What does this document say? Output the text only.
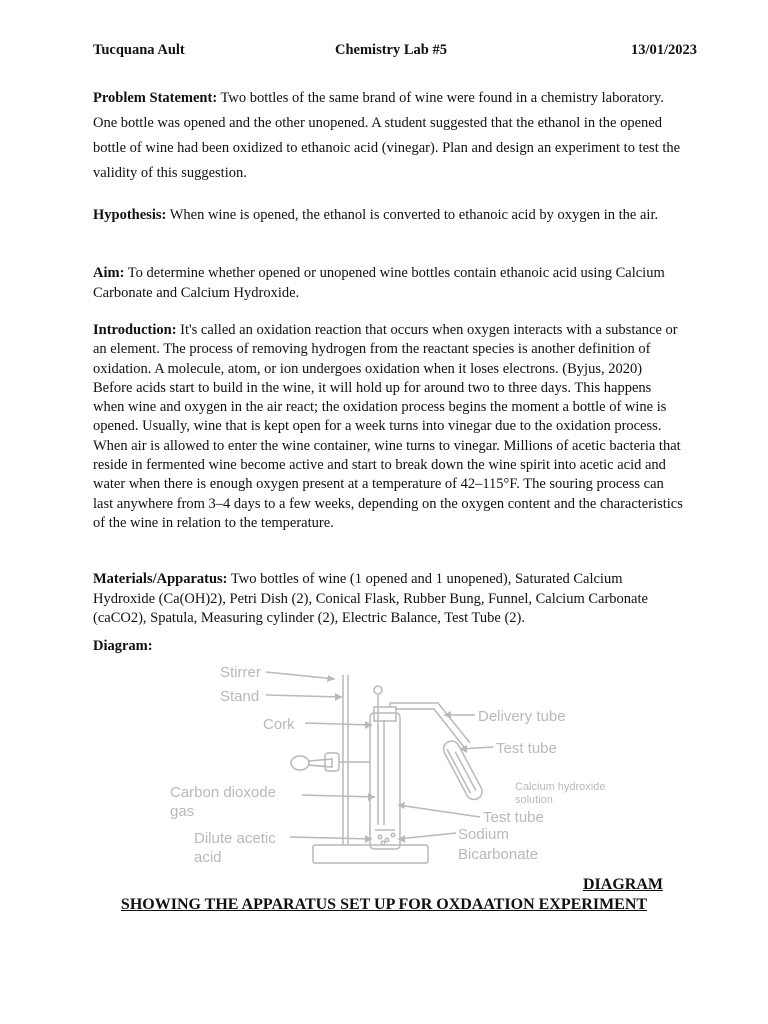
Tucquana Ault	Chemistry Lab #5	13/01/2023

Problem Statement: Two bottles of the same brand of wine were found in a chemistry laboratory. One bottle was opened and the other unopened. A student suggested that the ethanol in the opened bottle of wine had been oxidized to ethanoic acid (vinegar). Plan and design an experiment to test the validity of this suggestion.

Hypothesis: When wine is opened, the ethanol is converted to ethanoic acid by oxygen in the air.

Aim: To determine whether opened or unopened wine bottles contain ethanoic acid using Calcium Carbonate and Calcium Hydroxide.

Introduction: It's called an oxidation reaction that occurs when oxygen interacts with a substance or an element. The process of removing hydrogen from the reactant species is another definition of oxidation. A molecule, atom, or ion undergoes oxidation when it loses electrons. (Byjus, 2020) Before acids start to build in the wine, it will hold up for around two to three days. This happens when wine and oxygen in the air react; the oxidation process begins the moment a bottle of wine is opened. Usually, wine that is kept open for a week turns into vinegar due to the oxidation process. When air is allowed to enter the wine container, wine turns to vinegar. Millions of acetic bacteria that reside in fermented wine become active and start to break down the wine spirit into acetic acid and water when there is enough oxygen present at a temperature of 42–115°F. The souring process can last anywhere from 3–4 days to a few weeks, depending on the oxygen content and the characteristics of the wine in relation to the temperature.

Materials/Apparatus: Two bottles of wine (1 opened and 1 unopened), Saturated Calcium Hydroxide (Ca(OH)2), Petri Dish (2), Conical Flask, Rubber Bung, Funnel, Calcium Carbonate (caCO2), Spatula, Measuring cylinder (2), Electric Balance, Test Tube (2).

Diagram:

Stirrer
Stand
Cork	Delivery tube
Test tube
Calcium hydroxide
solution
Carbon dioxode
gas	Test tube
Dilute acetic
acid
Sodium
Bicarbonate
DIAGRAM
SHOWING THE APPARATUS SET UP FOR OXDAATION EXPERIMENT
